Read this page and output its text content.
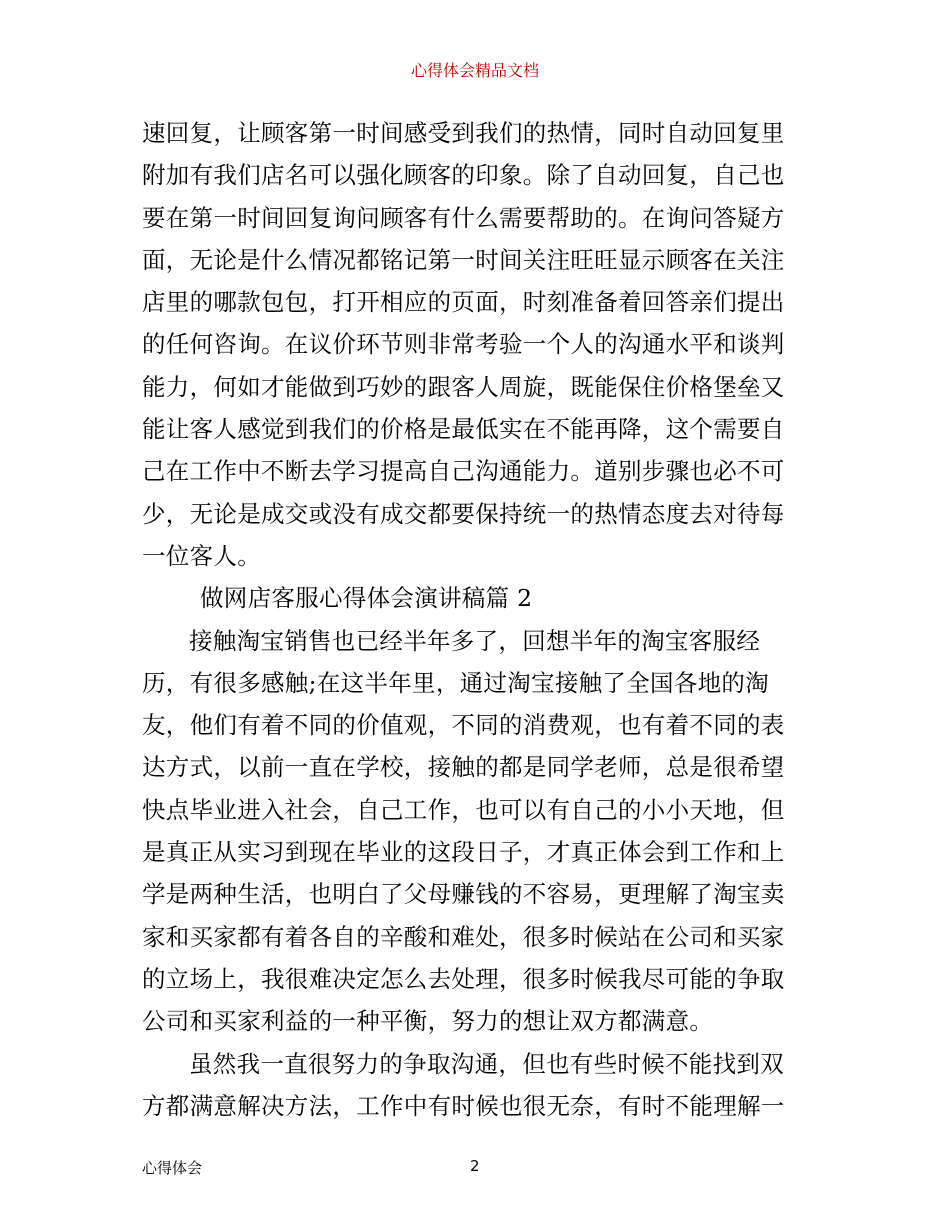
心得体会精品文档
速回复，让顾客第一时间感受到我们的热情，同时自动回复里
附加有我们店名可以强化顾客的印象。除了自动回复，自己也
要在第一时间回复询问顾客有什么需要帮助的。在询问答疑方
面，无论是什么情况都铭记第一时间关注旺旺显示顾客在关注
店里的哪款包包，打开相应的页面，时刻准备着回答亲们提出
的任何咨询。在议价环节则非常考验一个人的沟通水平和谈判
能力，何如才能做到巧妙的跟客人周旋，既能保住价格堡垒又
能让客人感觉到我们的价格是最低实在不能再降，这个需要自
己在工作中不断去学习提高自己沟通能力。道别步骤也必不可
少，无论是成交或没有成交都要保持统一的热情态度去对待每
一位客人。
做网店客服心得体会演讲稿篇 2
接触淘宝销售也已经半年多了，回想半年的淘宝客服经
历，有很多感触;在这半年里，通过淘宝接触了全国各地的淘
友，他们有着不同的价值观，不同的消费观，也有着不同的表
达方式，以前一直在学校，接触的都是同学老师，总是很希望
快点毕业进入社会，自己工作，也可以有自己的小小天地，但
是真正从实习到现在毕业的这段日子，才真正体会到工作和上
学是两种生活，也明白了父母赚钱的不容易，更理解了淘宝卖
家和买家都有着各自的辛酸和难处，很多时候站在公司和买家
的立场上，我很难决定怎么去处理，很多时候我尽可能的争取
公司和买家利益的一种平衡，努力的想让双方都满意。
虽然我一直很努力的争取沟通，但也有些时候不能找到双
方都满意解决方法，工作中有时候也很无奈，有时不能理解一
心得体会	2
